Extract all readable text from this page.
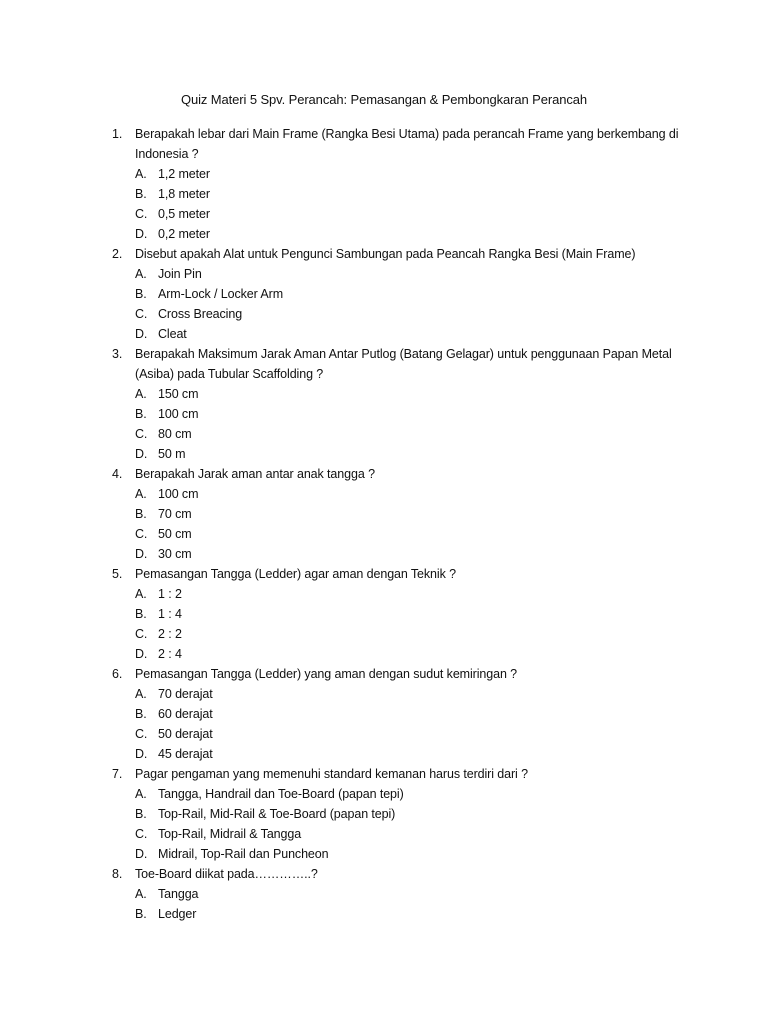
Quiz Materi 5 Spv. Perancah: Pemasangan & Pembongkaran Perancah
1.	Berapakah lebar dari Main Frame (Rangka Besi Utama) pada perancah Frame yang berkembang di Indonesia ?
A. 1,2 meter
B. 1,8 meter
C. 0,5 meter
D. 0,2 meter
2.	Disebut apakah Alat untuk Pengunci Sambungan pada Peancah Rangka Besi (Main Frame)
A. Join Pin
B. Arm-Lock / Locker Arm
C. Cross Breacing
D. Cleat
3.	Berapakah Maksimum Jarak Aman Antar Putlog (Batang Gelagar) untuk penggunaan Papan Metal (Asiba) pada Tubular Scaffolding ?
A. 150 cm
B. 100 cm
C. 80 cm
D. 50 m
4.	Berapakah Jarak aman antar anak tangga ?
A. 100 cm
B. 70 cm
C. 50 cm
D. 30 cm
5.	Pemasangan Tangga (Ledder) agar aman dengan Teknik ?
A. 1 : 2
B. 1 : 4
C. 2 : 2
D. 2 : 4
6.	Pemasangan Tangga (Ledder) yang aman dengan sudut kemiringan ?
A. 70 derajat
B. 60 derajat
C. 50 derajat
D. 45 derajat
7.	Pagar pengaman yang memenuhi standard kemanan harus terdiri dari ?
A. Tangga, Handrail dan Toe-Board (papan tepi)
B. Top-Rail, Mid-Rail & Toe-Board (papan tepi)
C. Top-Rail, Midrail & Tangga
D. Midrail, Top-Rail dan Puncheon
8.	Toe-Board diikat pada…………..?
A. Tangga
B. Ledger
